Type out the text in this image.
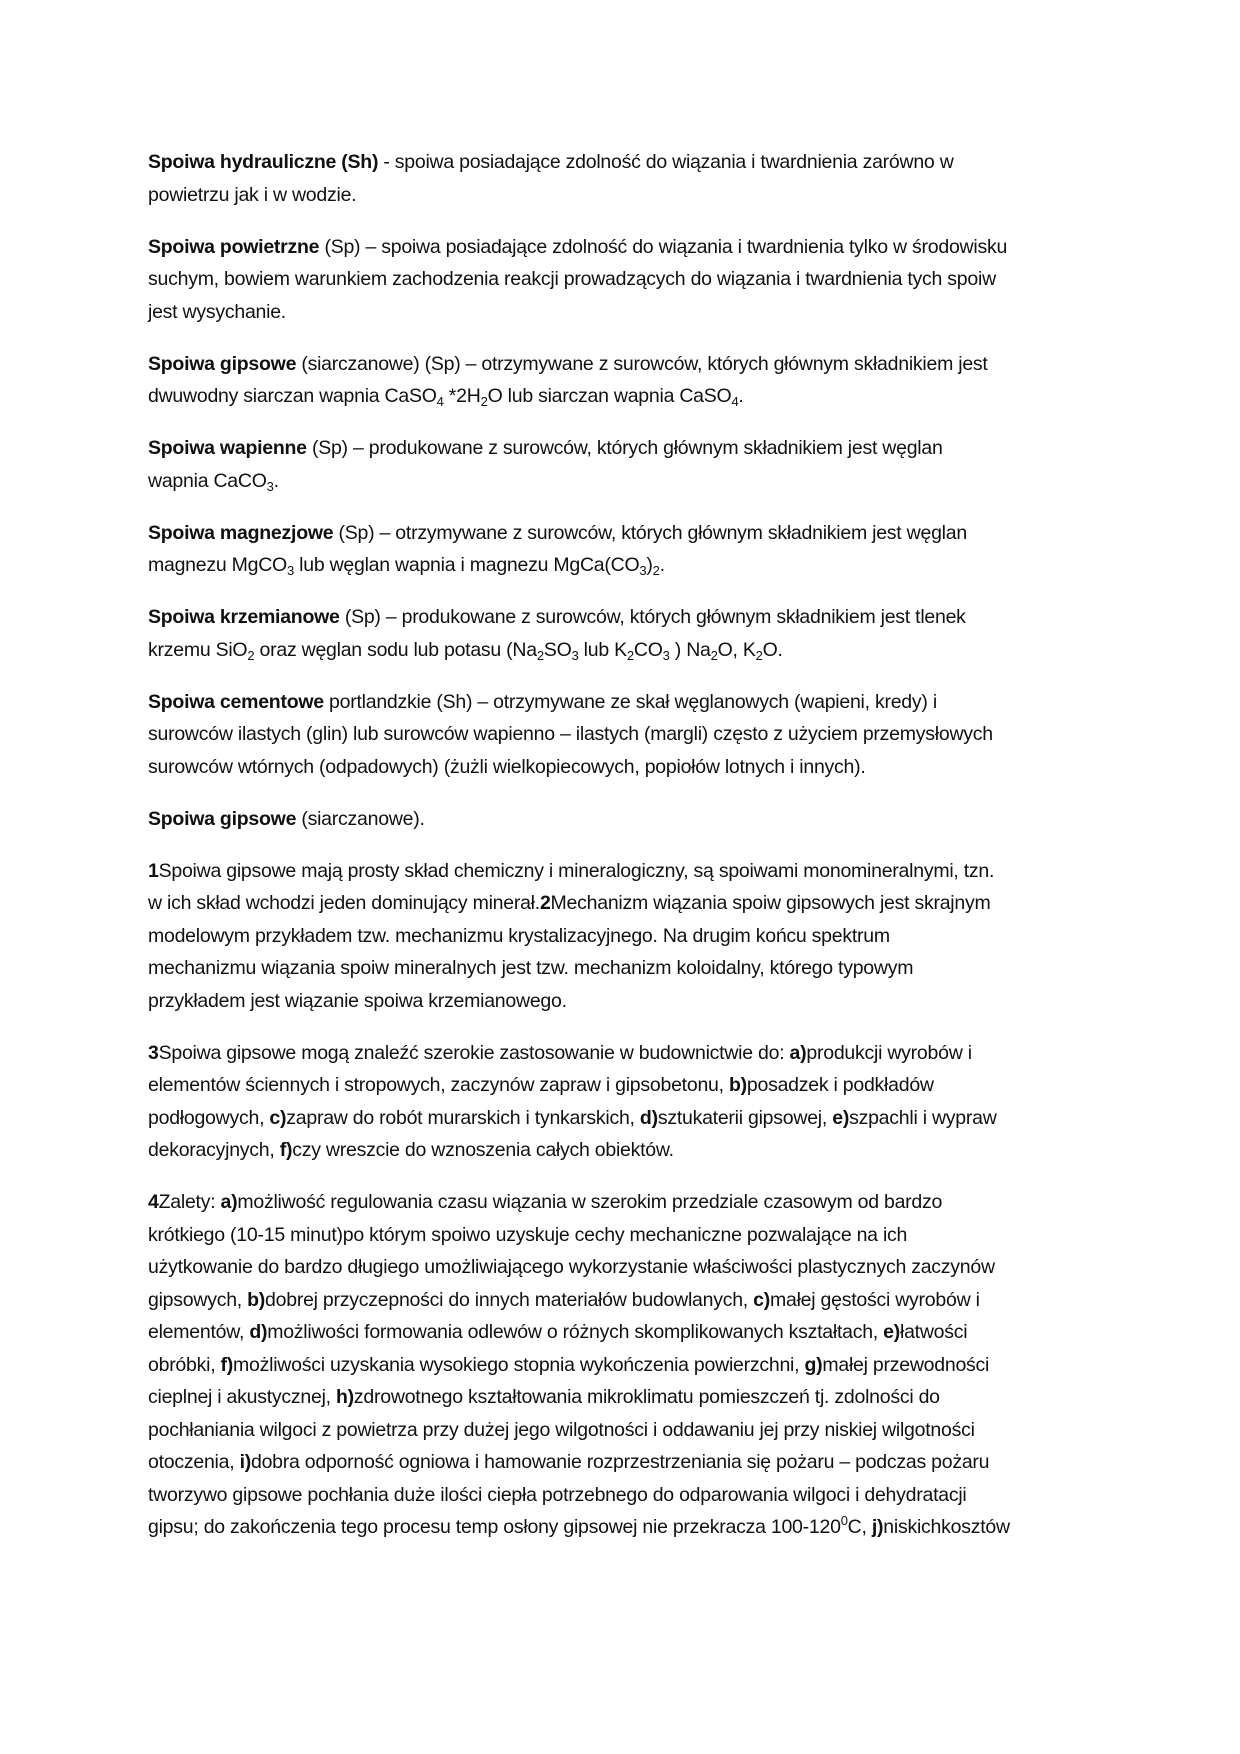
Spoiwa hydrauliczne (Sh) - spoiwa posiadające zdolność do wiązania i twardnienia zarówno w
powietrzu jak i w wodzie.
Spoiwa powietrzne (Sp) – spoiwa posiadające zdolność do wiązania i twardnienia tylko w środowisku
suchym, bowiem warunkiem zachodzenia reakcji prowadzących do wiązania i twardnienia tych spoiw
jest wysychanie.
Spoiwa gipsowe (siarczanowe) (Sp) – otrzymywane z surowców, których głównym składnikiem jest
dwuwodny siarczan wapnia CaSO$_4$ $*2H_2O$ lub siarczan wapnia CaSO$_4$.
Spoiwa wapienne (Sp) – produkowane z surowców, których głównym składnikiem jest węglan
wapnia CaCO$_3$.
Spoiwa magnezjowe (Sp) – otrzymywane z surowców, których głównym składnikiem jest węglan
magnezu MgCO$_3$ lub węglan wapnia i magnezu $MgCa(CO_3)_2$.
Spoiwa krzemianowe (Sp) – produkowane z surowców, których głównym składnikiem jest tlenek
krzemu SiO$_2$ oraz węglan sodu lub potasu ($Na_2SO_3$ lub $K_2CO_3$ ) $Na_2O$, $K_2O$.
Spoiwa cementowe portlandzkie (Sh) – otrzymywane ze skał węglanowych (wapieni, kredy) i
surowców ilastych (glin) lub surowców wapienno – ilastych (margli) często z użyciem przemysłowych
surowców wtórnych (odpadowych) (żużli wielkopiecowych, popiołów lotnych i innych).
Spoiwa gipsowe (siarczanowe).
1Spoiwa gipsowe mają prosty skład chemiczny i mineralogiczny, są spoiwami monomineralnymi, tzn.
w ich skład wchodzi jeden dominujący minerał.2Mechanizm wiązania spoiw gipsowych jest skrajnym
modelowym przykładem tzw. mechanizmu krystalizacyjnego. Na drugim końcu spektrum
mechanizmu wiązania spoiw mineralnych jest tzw. mechanizm koloidalny, którego typowym
przykładem jest wiązanie spoiwa krzemianowego.
3Spoiwa gipsowe mogą znaleźć szerokie zastosowanie w budownictwie do: a)produkcji wyrobów i
elementów ściennych i stropowych, zaczynów zapraw i gipsobetonu, b)posadzek i podkładów
podłogowych, c)zapraw do robót murarskich i tynkarskich, d)sztukaterii gipsowej, e)szpachli i wypraw
dekoracyjnych, f)czy wreszcie do wznoszenia całych obiektów.
4Zalety: a)możliwość regulowania czasu wiązania w szerokim przedziale czasowym od bardzo
krótkiego (10-15 minut)po którym spoiwo uzyskuje cechy mechaniczne pozwalające na ich
użytkowanie do bardzo długiego umożliwiającego wykorzystanie właściwości plastycznych zaczynów
gipsowych, b)dobrej przyczepności do innych materiałów budowlanych, c)małej gęstości wyrobów i
elementów, d)możliwości formowania odlewów o różnych skomplikowanych kształtach, e)łatwości
obróbki, f)możliwości uzyskania wysokiego stopnia wykończenia powierzchni, g)małej przewodności
cieplnej i akustycznej, h)zdrowotnego kształtowania mikroklimatu pomieszczeń tj. zdolności do
pochłaniania wilgoci z powietrza przy dużej jego wilgotności i oddawaniu jej przy niskiej wilgotności
otoczenia, i)dobra odporność ogniowa i hamowanie rozprzestrzeniania się pożaru – podczas pożaru
tworzywo gipsowe pochłania duże ilości ciepła potrzebnego do odparowania wilgoci i dehydratacji
gipsu; do zakończenia tego procesu temp osłony gipsowej nie przekracza $100-120^0C$, j)niskichkosztów
